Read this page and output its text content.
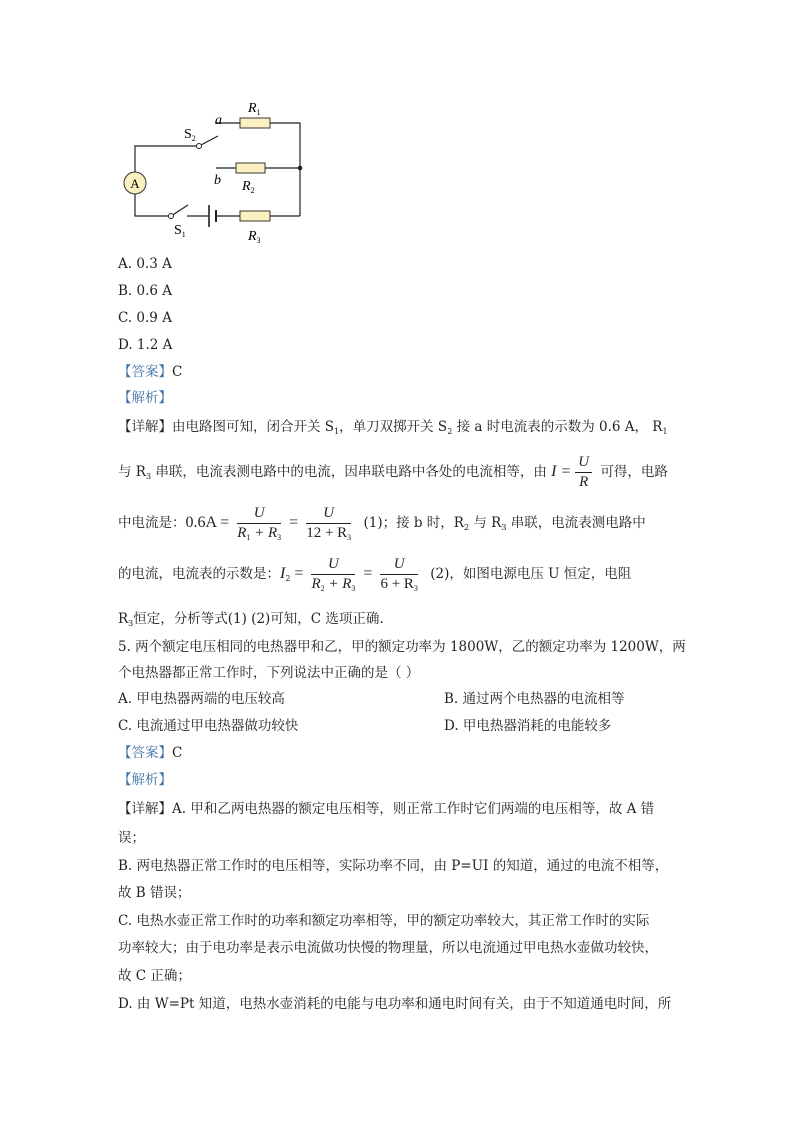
A
a
b
$S_2$
$S_1$
$R_1$
$R_2$
$R_3$
A. 0.3 A
B. 0.6 A
C. 0.9 A
D. 1.2 A
【答案】C
【解析】
【详解】由电路图可知，闭合开关 $S_1$，单刀双掷开关 $S_2$ 接 a 时电流表的示数为 0.6 A， $R_1$
与 $R_3$ 串联，电流表测电路中的电流，因串联电路中各处的电流相等，由 $I = \frac{U}{R}$ 可得，电路
中电流是：$0.6A = \frac{U}{R_1 + R_3} = \frac{U}{12 + R_3} (1)$；接 b 时，$R_2$ 与 $R_3$ 串联，电流表测电路中
的电流，电流表的示数是：$I_2 = \frac{U}{R_2 + R_3} = \frac{U}{6 + R_3} (2)$，如图电源电压 U 恒定，电阻
$R_3$恒定，分析等式(1) (2)可知，C 选项正确.
5. 两个额定电压相同的电热器甲和乙，甲的额定功率为 1800W，乙的额定功率为 1200W，两
个电热器都正常工作时，下列说法中正确的是（ ）
A. 甲电热器两端的电压较高	B. 通过两个电热器的电流相等
C. 电流通过甲电热器做功较快	D. 甲电热器消耗的电能较多
【答案】C
【解析】
【详解】A. 甲和乙两电热器的额定电压相等，则正常工作时它们两端的电压相等，故 A 错
误；
B. 两电热器正常工作时的电压相等，实际功率不同，由 P=UI 的知道，通过的电流不相等，
故 B 错误；
C. 电热水壶正常工作时的功率和额定功率相等，甲的额定功率较大，其正常工作时的实际
功率较大；由于电功率是表示电流做功快慢的物理量，所以电流通过甲电热水壶做功较快，
故 C 正确；
D. 由 W=Pt 知道，电热水壶消耗的电能与电功率和通电时间有关，由于不知道通电时间，所
